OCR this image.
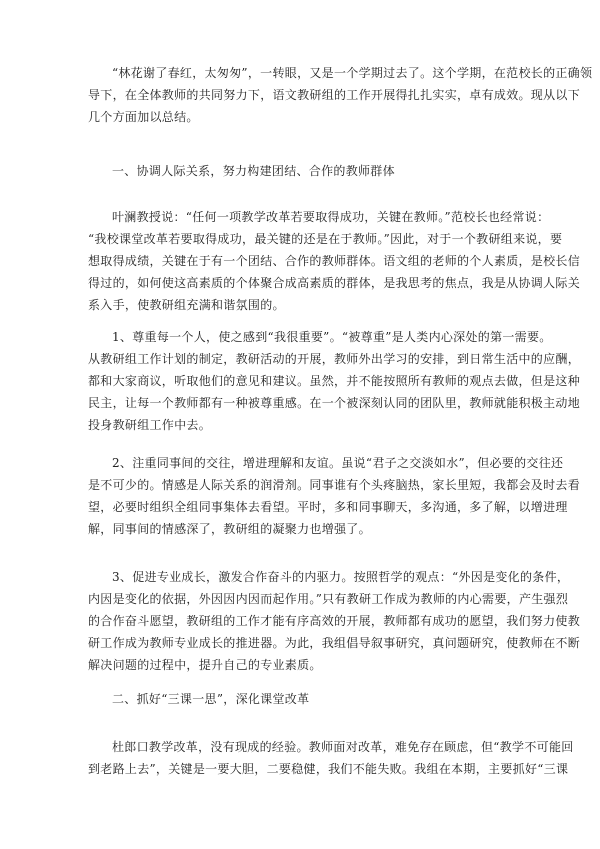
“林花谢了春红，太匆匆”，一转眼，又是一个学期过去了。这个学期，在范校长的正确领
导下，在全体教师的共同努力下，语文教研组的工作开展得扎扎实实，卓有成效。现从以下
几个方面加以总结。
一、协调人际关系，努力构建团结、合作的教师群体
叶澜教授说：“任何一项教学改革若要取得成功，关键在教师。”范校长也经常说：
“我校课堂改革若要取得成功，最关键的还是在于教师。”因此，对于一个教研组来说，要
想取得成绩，关键在于有一个团结、合作的教师群体。语文组的老师的个人素质，是校长信
得过的，如何使这高素质的个体聚合成高素质的群体，是我思考的焦点，我是从协调人际关
系入手，使教研组充满和谐氛围的。
1、尊重每一个人，使之感到“我很重要”。“被尊重”是人类内心深处的第一需要。
从教研组工作计划的制定，教研活动的开展，教师外出学习的安排，到日常生活中的应酬，
都和大家商议，听取他们的意见和建议。虽然，并不能按照所有教师的观点去做，但是这种
民主，让每一个教师都有一种被尊重感。在一个被深刻认同的团队里，教师就能积极主动地
投身教研组工作中去。
2、注重同事间的交往，增进理解和友谊。虽说“君子之交淡如水”，但必要的交往还
是不可少的。情感是人际关系的润滑剂。同事谁有个头疼脑热，家长里短，我都会及时去看
望，必要时组织全组同事集体去看望。平时，多和同事聊天，多沟通，多了解，以增进理
解，同事间的情感深了，教研组的凝聚力也增强了。
3、促进专业成长，激发合作奋斗的内驱力。按照哲学的观点：“外因是变化的条件，
内因是变化的依据，外因因内因而起作用。”只有教研工作成为教师的内心需要，产生强烈
的合作奋斗愿望，教研组的工作才能有序高效的开展，教师都有成功的愿望，我们努力使教
研工作成为教师专业成长的推进器。为此，我组倡导叙事研究，真问题研究，使教师在不断
解决问题的过程中，提升自己的专业素质。
二、抓好“三课一思”，深化课堂改革
杜郎口教学改革，没有现成的经验。教师面对改革，难免存在顾虑，但“教学不可能回
到老路上去”，关键是一要大胆，二要稳健，我们不能失败。我组在本期，主要抓好“三课
